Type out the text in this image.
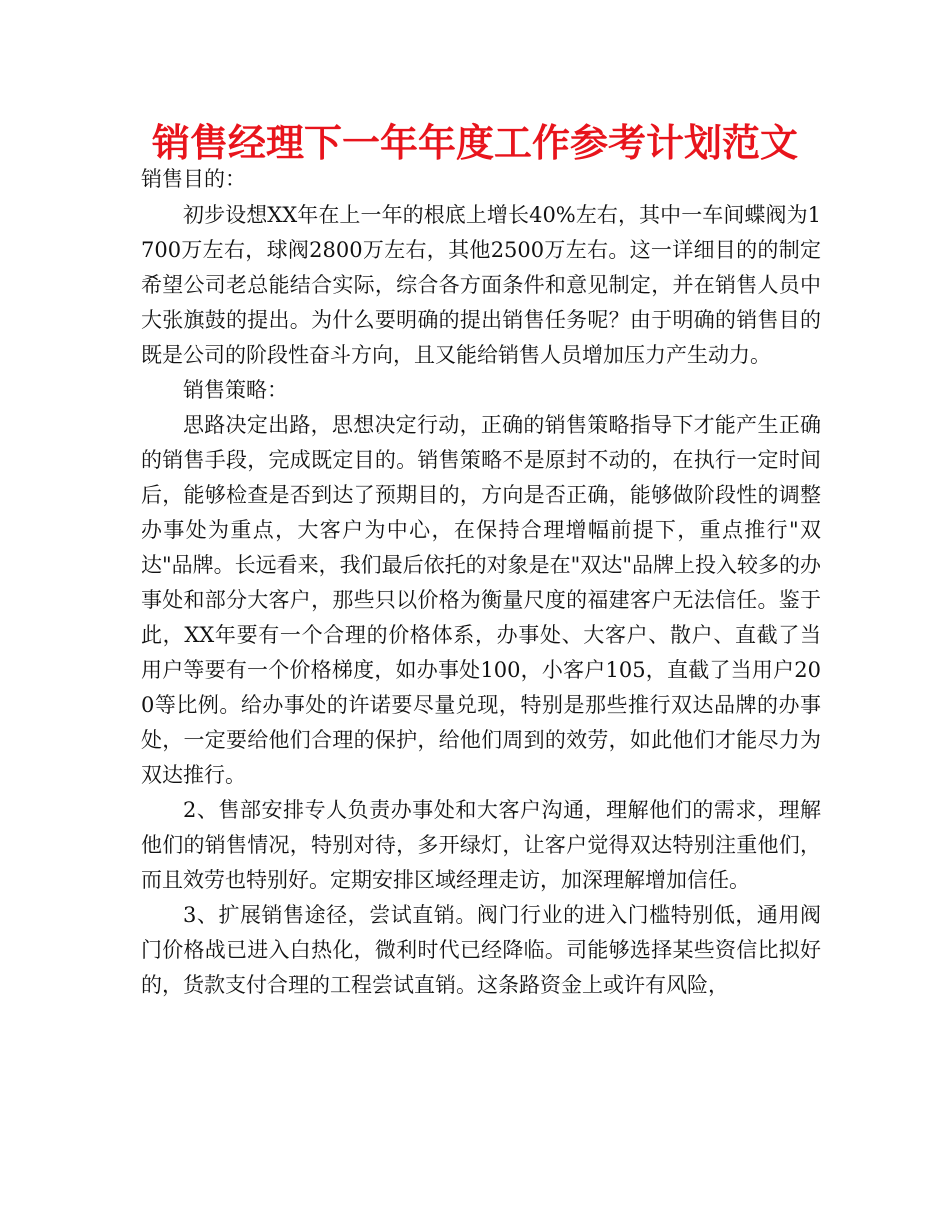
销售经理下一年年度工作参考计划范文

销售目的：

初步设想XX年在上一年的根底上增长40%左右，其中一车间蝶阀为1700万左右，球阀2800万左右，其他2500万左右。这一详细目的的制定希望公司老总能结合实际，综合各方面条件和意见制定，并在销售人员中大张旗鼓的提出。为什么要明确的提出销售任务呢？由于明确的销售目的既是公司的阶段性奋斗方向，且又能给销售人员增加压力产生动力。

销售策略：

思路决定出路，思想决定行动，正确的销售策略指导下才能产生正确的销售手段，完成既定目的。销售策略不是原封不动的，在执行一定时间后，能够检查是否到达了预期目的，方向是否正确，能够做阶段性的调整办事处为重点，大客户为中心，在保持合理增幅前提下，重点推行"双达"品牌。长远看来，我们最后依托的对象是在"双达"品牌上投入较多的办事处和部分大客户，那些只以价格为衡量尺度的福建客户无法信任。鉴于此，XX年要有一个合理的价格体系，办事处、大客户、散户、直截了当用户等要有一个价格梯度，如办事处100，小客户105，直截了当用户200等比例。给办事处的许诺要尽量兑现，特别是那些推行双达品牌的办事处，一定要给他们合理的保护，给他们周到的效劳，如此他们才能尽力为双达推行。

2、售部安排专人负责办事处和大客户沟通，理解他们的需求，理解他们的销售情况，特别对待，多开绿灯，让客户觉得双达特别注重他们，而且效劳也特别好。定期安排区域经理走访，加深理解增加信任。

3、扩展销售途径，尝试直销。阀门行业的进入门槛特别低，通用阀门价格战已进入白热化，微利时代已经降临。司能够选择某些资信比拟好的，货款支付合理的工程尝试直销。这条路资金上或许有风险，
